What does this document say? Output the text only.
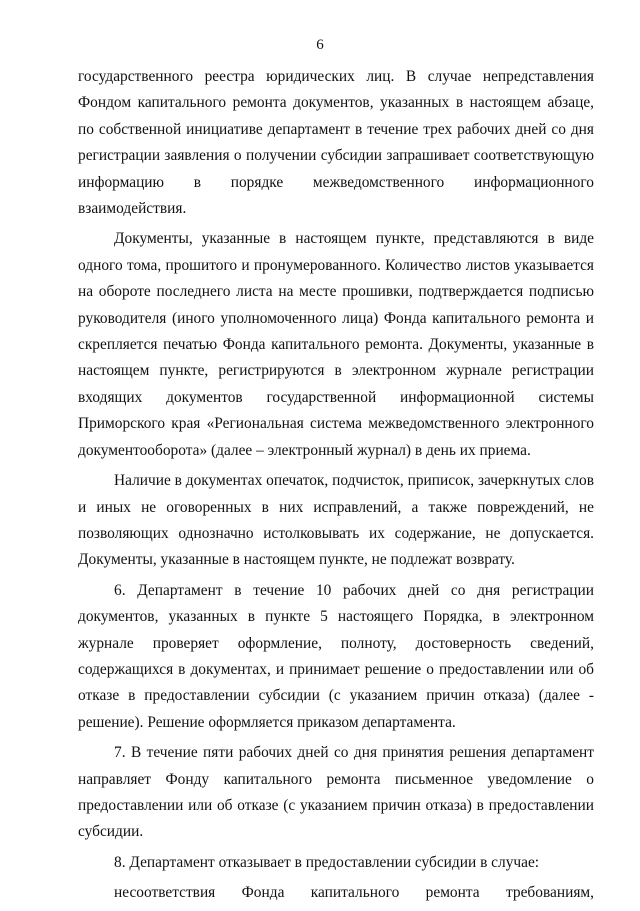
6

государственного реестра юридических лиц. В случае непредставления Фондом капитального ремонта документов, указанных в настоящем абзаце, по собственной инициативе департамент в течение трех рабочих дней со дня регистрации заявления о получении субсидии запрашивает соответствующую информацию в порядке межведомственного информационного взаимодействия.

Документы, указанные в настоящем пункте, представляются в виде одного тома, прошитого и пронумерованного. Количество листов указывается на обороте последнего листа на месте прошивки, подтверждается подписью руководителя (иного уполномоченного лица) Фонда капитального ремонта и скрепляется печатью Фонда капитального ремонта. Документы, указанные в настоящем пункте, регистрируются в электронном журнале регистрации входящих документов государственной информационной системы Приморского края «Региональная система межведомственного электронного документооборота» (далее – электронный журнал) в день их приема.

Наличие в документах опечаток, подчисток, приписок, зачеркнутых слов и иных не оговоренных в них исправлений, а также повреждений, не позволяющих однозначно истолковывать их содержание, не допускается. Документы, указанные в настоящем пункте, не подлежат возврату.

6. Департамент в течение 10 рабочих дней со дня регистрации документов, указанных в пункте 5 настоящего Порядка, в электронном журнале проверяет оформление, полноту, достоверность сведений, содержащихся в документах, и принимает решение о предоставлении или об отказе в предоставлении субсидии (с указанием причин отказа) (далее - решение). Решение оформляется приказом департамента.

7. В течение пяти рабочих дней со дня принятия решения департамент направляет Фонду капитального ремонта письменное уведомление о предоставлении или об отказе (с указанием причин отказа) в предоставлении субсидии.

8. Департамент отказывает в предоставлении субсидии в случае:

несоответствия Фонда капитального ремонта требованиям,
